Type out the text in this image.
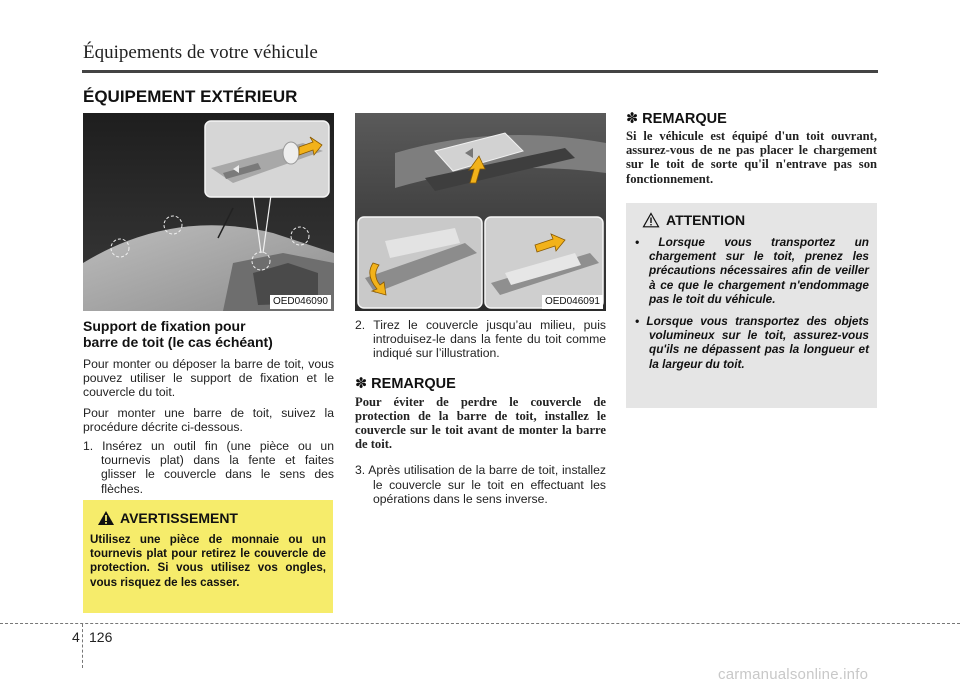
Équipements de votre véhicule
ÉQUIPEMENT EXTÉRIEUR
OED046090	OED046091
Support de fixation pour
barre de toit (le cas échéant)
Pour monter ou déposer la barre de toit, vous pouvez utiliser le support de fixation et le couvercle du toit.
Pour monter une barre de toit, suivez la procédure décrite ci-dessous.
1. Insérez un outil fin (une pièce ou un tournevis plat) dans la fente et faites glisser le couvercle dans le sens des flèches.
AVERTISSEMENT
Utilisez une pièce de monnaie ou un tournevis plat pour retirez le couvercle de protection. Si vous utilisez vos ongles, vous risquez de les casser.
2. Tirez le couvercle jusqu’au milieu, puis introduisez-le dans la fente du toit comme indiqué sur l’illustration.
✽ REMARQUE
Pour éviter de perdre le couvercle de protection de la barre de toit, installez le couvercle sur le toit avant de monter la barre de toit.
3. Après utilisation de la barre de toit, installez le couvercle sur le toit en effectuant les opérations dans le sens inverse.
✽ REMARQUE
Si le véhicule est équipé d'un toit ouvrant, assurez-vous de ne pas placer le chargement sur le toit de sorte qu'il n'entrave pas son fonctionnement.
ATTENTION
• Lorsque vous transportez un chargement sur le toit, prenez les précautions nécessaires afin de veiller à ce que le chargement n'endommage pas le toit du véhicule.
• Lorsque vous transportez des objets volumineux sur le toit, assurez-vous qu'ils ne dépassent pas la longueur et la largeur du toit.
4 126
carmanualsonline.info
